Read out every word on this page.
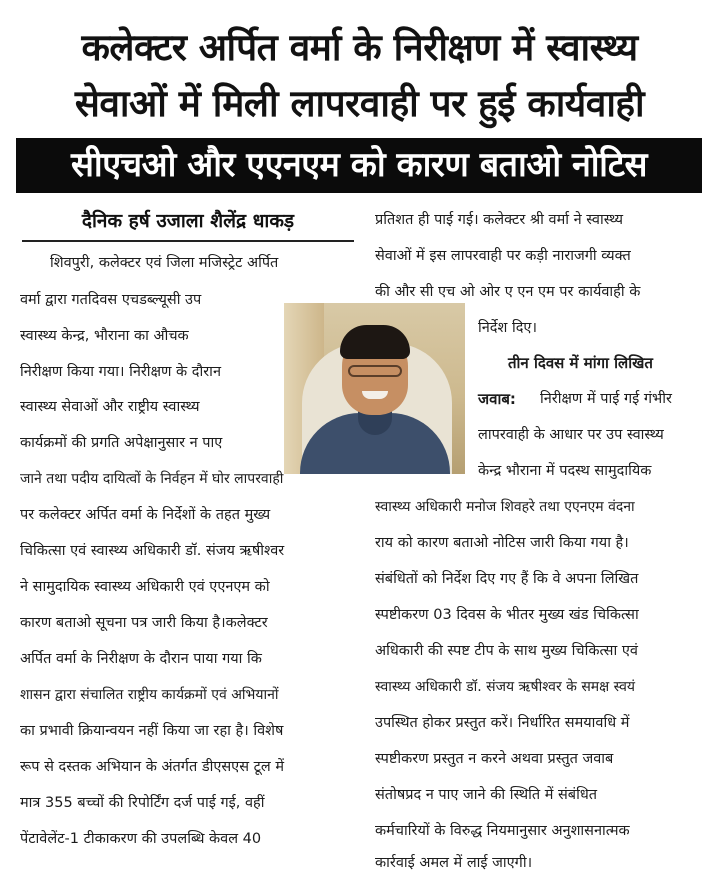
कलेक्टर अर्पित वर्मा के निरीक्षण में स्वास्थ्य
सेवाओं में मिली लापरवाही पर हुई कार्यवाही
सीएचओ और एएनएम को कारण बताओ नोटिस
दैनिक हर्ष उजाला शैलेंद्र धाकड़
शिवपुरी, कलेक्टर एवं जिला मजिस्ट्रेट अर्पित
वर्मा द्वारा गतदिवस एचडब्ल्यूसी उप
स्वास्थ्य केन्द्र, भौराना का औचक
निरीक्षण किया गया। निरीक्षण के दौरान
स्वास्थ्य सेवाओं और राष्ट्रीय स्वास्थ्य
कार्यक्रमों की प्रगति अपेक्षानुसार न पाए
जाने तथा पदीय दायित्वों के निर्वहन में घोर लापरवाही
पर कलेक्टर अर्पित वर्मा के निर्देशों के तहत मुख्य
चिकित्सा एवं स्वास्थ्य अधिकारी डॉ. संजय ऋषीश्वर
ने सामुदायिक स्वास्थ्य अधिकारी एवं एएनएम को
कारण बताओ सूचना पत्र जारी किया है।कलेक्टर
अर्पित वर्मा के निरीक्षण के दौरान पाया गया कि
शासन द्वारा संचालित राष्ट्रीय कार्यक्रमों एवं अभियानों
का प्रभावी क्रियान्वयन नहीं किया जा रहा है। विशेष
रूप से दस्तक अभियान के अंतर्गत डीएसएस टूल में
मात्र 355 बच्चों की रिपोर्टिंग दर्ज पाई गई, वहीं
पेंटावेलेंट-1 टीकाकरण की उपलब्धि केवल 40
प्रतिशत ही पाई गई। कलेक्टर श्री वर्मा ने स्वास्थ्य
सेवाओं में इस लापरवाही पर कड़ी नाराजगी व्यक्त
की और सी एच ओ ओर ए एन एम पर कार्यवाही के
निर्देश दिए।
तीन दिवस में मांगा लिखित
जवाब:	निरीक्षण में पाई गई गंभीर
लापरवाही के आधार पर उप स्वास्थ्य
केन्द्र भौराना में पदस्थ सामुदायिक
स्वास्थ्य अधिकारी मनोज शिवहरे तथा एएनएम वंदना
राय को कारण बताओ नोटिस जारी किया गया है।
संबंधितों को निर्देश दिए गए हैं कि वे अपना लिखित
स्पष्टीकरण 03 दिवस के भीतर मुख्य खंड चिकित्सा
अधिकारी की स्पष्ट टीप के साथ मुख्य चिकित्सा एवं
स्वास्थ्य अधिकारी डॉ. संजय ऋषीश्वर के समक्ष स्वयं
उपस्थित होकर प्रस्तुत करें। निर्धारित समयावधि में
स्पष्टीकरण प्रस्तुत न करने अथवा प्रस्तुत जवाब
संतोषप्रद न पाए जाने की स्थिति में संबंधित
कर्मचारियों के विरुद्ध नियमानुसार अनुशासनात्मक
कार्रवाई अमल में लाई जाएगी।
